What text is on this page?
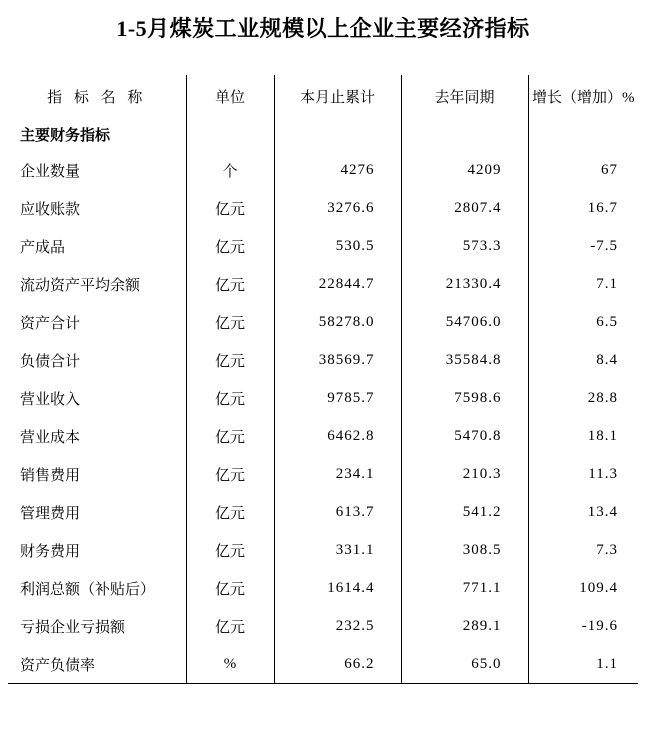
1-5月煤炭工业规模以上企业主要经济指标
指 标 名 称	单位	本月止累计	去年同期	增长（增加）%
主要财务指标				
企业数量	个	4276	4209	67
应收账款	亿元	3276.6	2807.4	16.7
产成品	亿元	530.5	573.3	-7.5
流动资产平均余额	亿元	22844.7	21330.4	7.1
资产合计	亿元	58278.0	54706.0	6.5
负债合计	亿元	38569.7	35584.8	8.4
营业收入	亿元	9785.7	7598.6	28.8
营业成本	亿元	6462.8	5470.8	18.1
销售费用	亿元	234.1	210.3	11.3
管理费用	亿元	613.7	541.2	13.4
财务费用	亿元	331.1	308.5	7.3
利润总额（补贴后）	亿元	1614.4	771.1	109.4
亏损企业亏损额	亿元	232.5	289.1	-19.6
资产负债率	%	66.2	65.0	1.1
